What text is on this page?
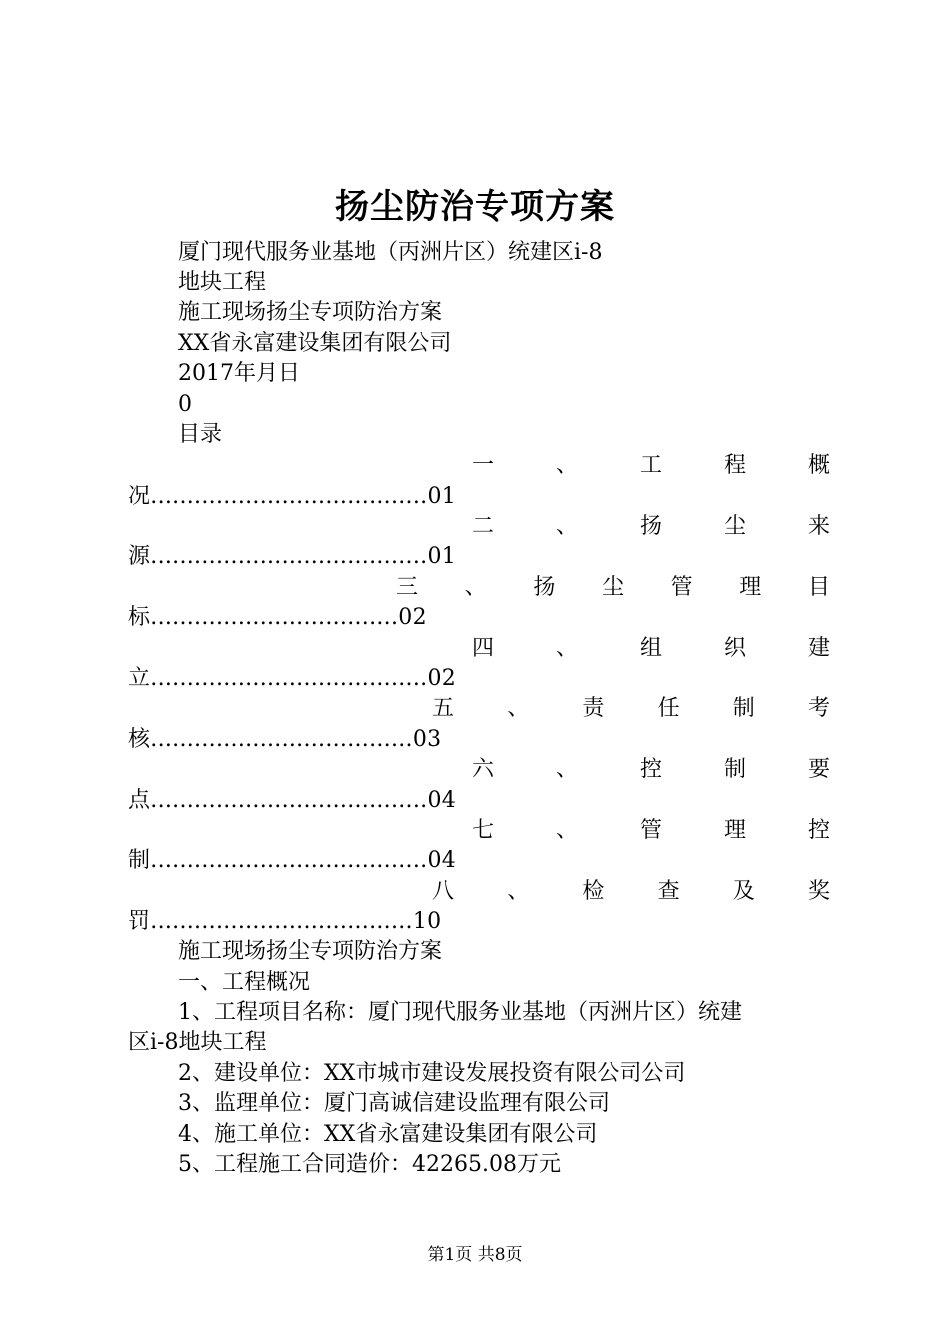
扬尘防治专项方案
厦门现代服务业基地（丙洲片区）统建区i-8
地块工程
施工现场扬尘专项防治方案
XX省永富建设集团有限公司
2017年月日
0
目录
一	、	工	程	概
况......................................01
二	、	扬	尘	来
源......................................01
三 、 扬 尘 管 理 目
标..................................02
四	、	组	织	建
立......................................02
五 、 责 任 制 考
核....................................03
六	、	控	制	要
点......................................04
七	、	管	理	控
制......................................04
八 、 检 查 及 奖
罚....................................10
施工现场扬尘专项防治方案
一、工程概况
1、工程项目名称：厦门现代服务业基地（丙洲片区）统建
区i-8地块工程
2、建设单位：XX市城市建设发展投资有限公司公司
3、监理单位：厦门高诚信建设监理有限公司
4、施工单位：XX省永富建设集团有限公司
5、工程施工合同造价：42265.08万元
第1页 共8页
